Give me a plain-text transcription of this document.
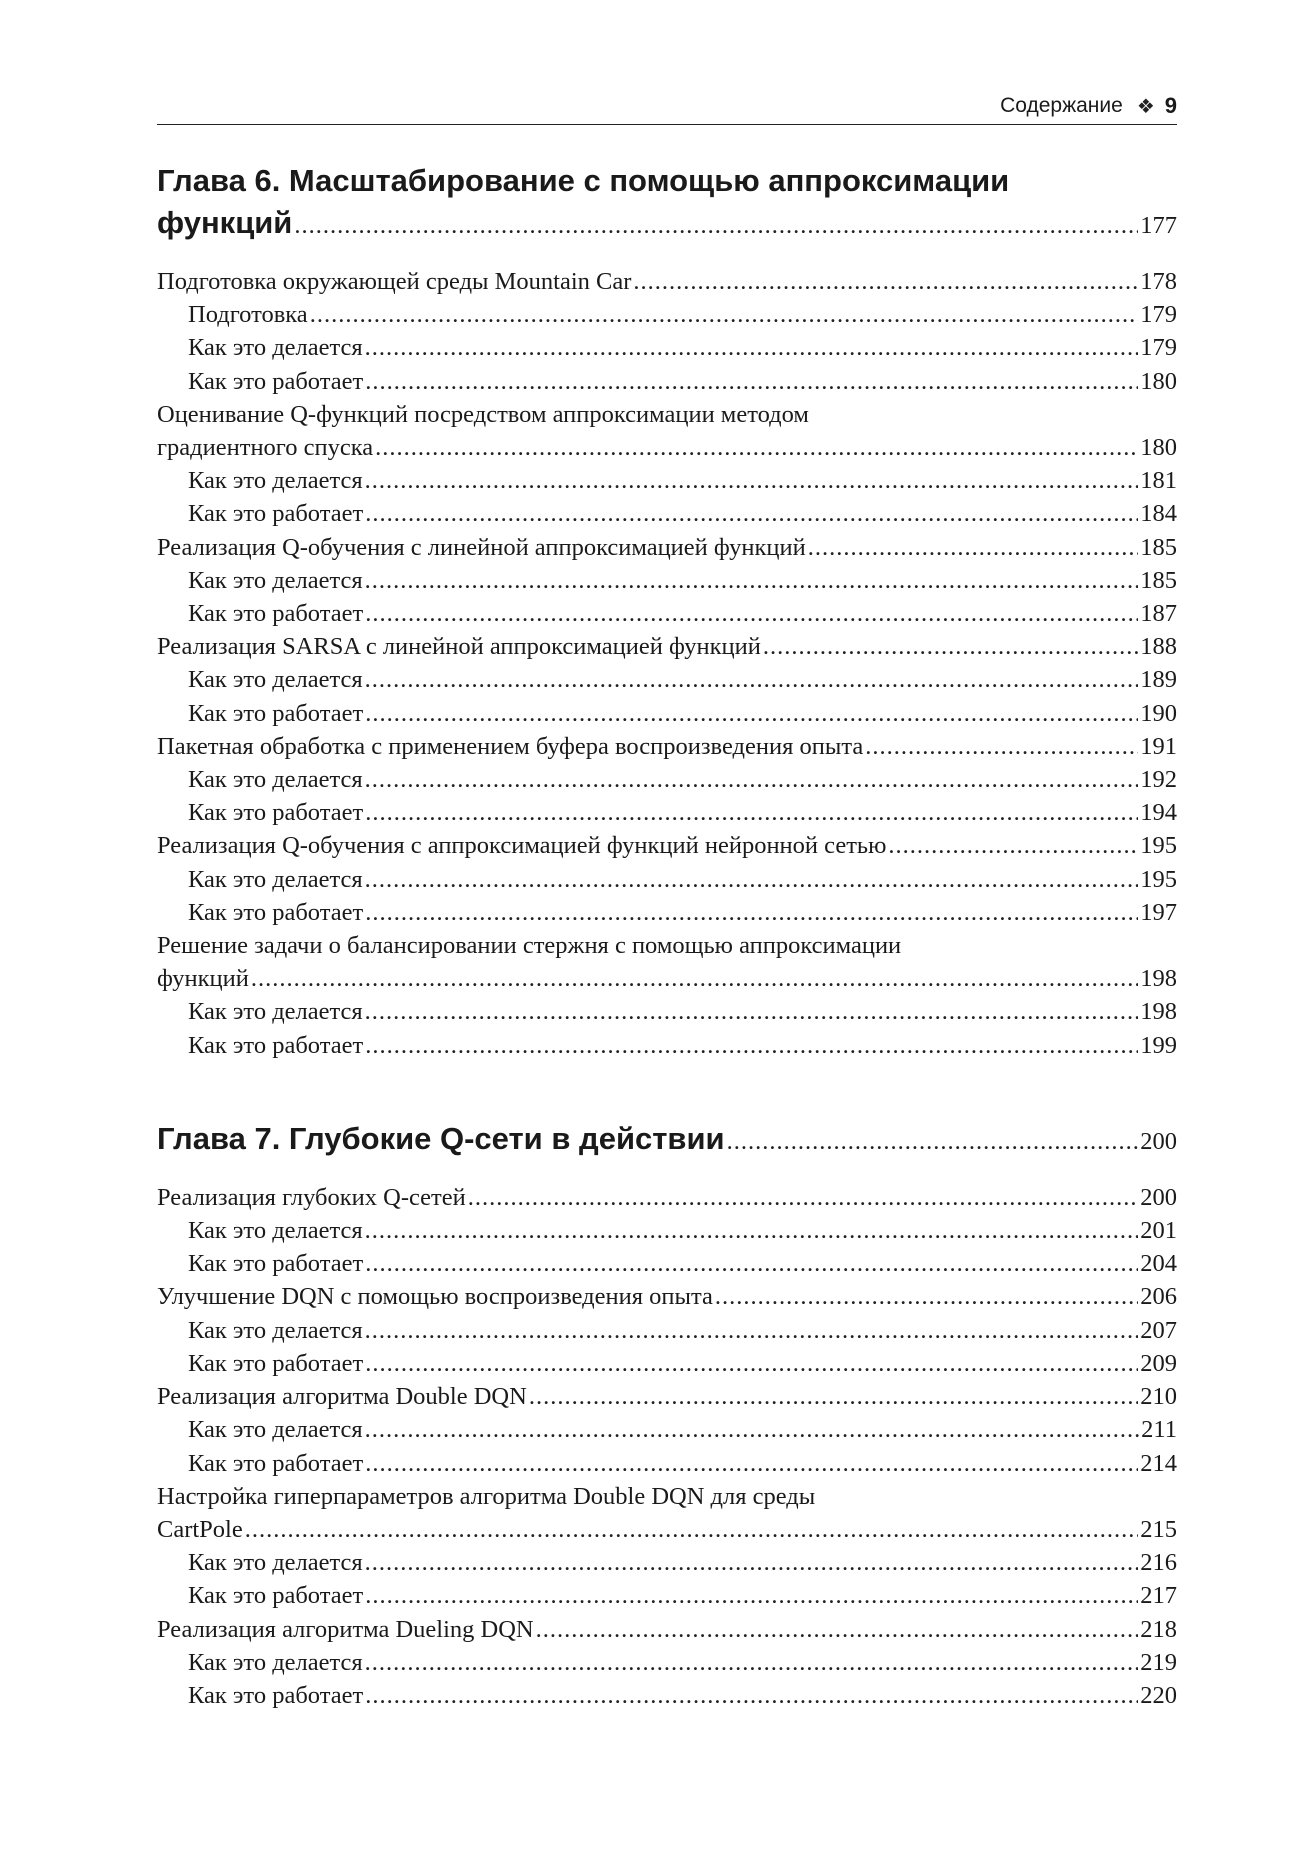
Содержание ❖ 9
Глава 6. Масштабирование с помощью аппроксимации
функций .....	177
Подготовка окружающей среды Mountain Car .....	178
Подготовка .....	179
Как это делается .....	179
Как это работает .....	180
Оценивание Q-функций посредством аппроксимации методом
градиентного спуска .....	180
Как это делается .....	181
Как это работает .....	184
Реализация Q-обучения с линейной аппроксимацией функций .....	185
Как это делается .....	185
Как это работает .....	187
Реализация SARSA с линейной аппроксимацией функций .....	188
Как это делается .....	189
Как это работает .....	190
Пакетная обработка с применением буфера воспроизведения опыта .....	191
Как это делается .....	192
Как это работает .....	194
Реализация Q-обучения с аппроксимацией функций нейронной сетью .....	195
Как это делается .....	195
Как это работает .....	197
Решение задачи о балансировании стержня с помощью аппроксимации
функций .....	198
Как это делается .....	198
Как это работает .....	199
Глава 7. Глубокие Q-сети в действии .....	200
Реализация глубоких Q-сетей .....	200
Как это делается .....	201
Как это работает .....	204
Улучшение DQN с помощью воспроизведения опыта .....	206
Как это делается .....	207
Как это работает .....	209
Реализация алгоритма Double DQN .....	210
Как это делается .....	211
Как это работает .....	214
Настройка гиперпараметров алгоритма Double DQN для среды
CartPole .....	215
Как это делается .....	216
Как это работает .....	217
Реализация алгоритма Dueling DQN .....	218
Как это делается .....	219
Как это работает .....	220
